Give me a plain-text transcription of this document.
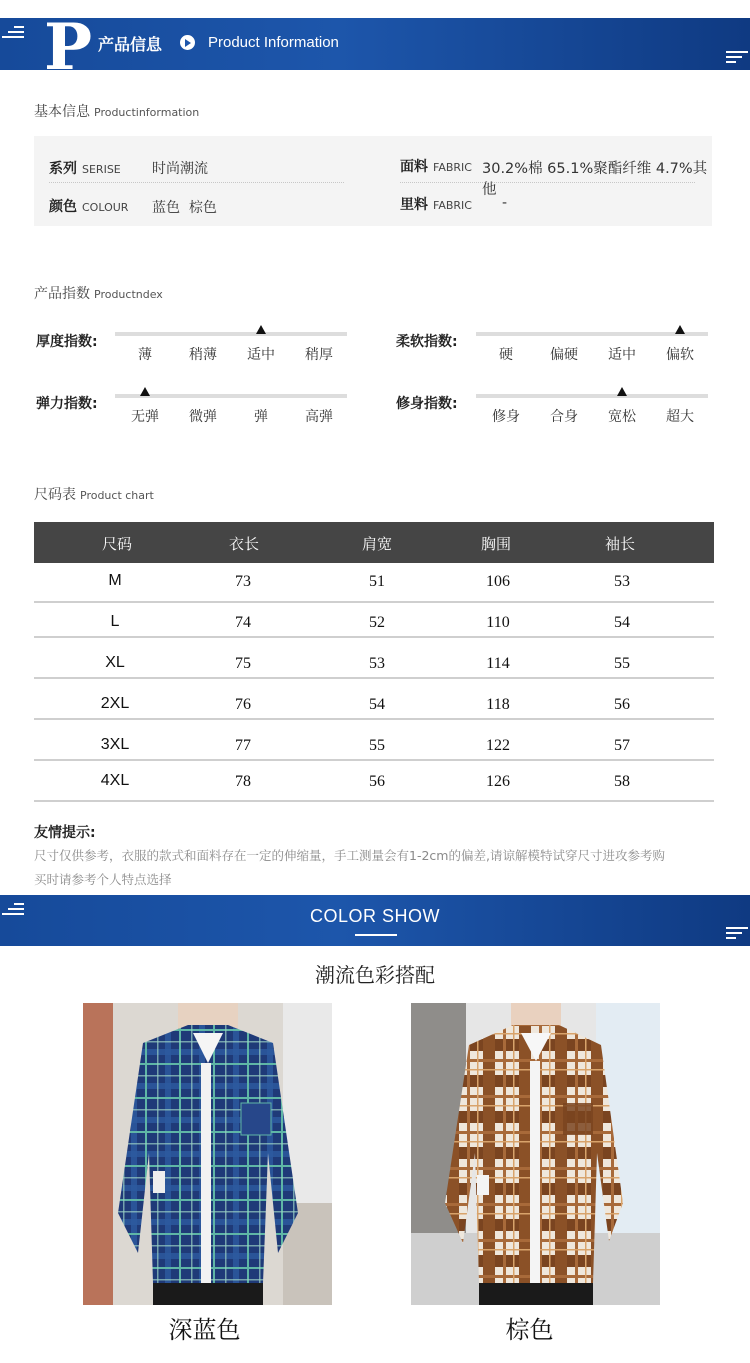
P 产品信息	Product Information
基本信息 Productinformation
系列 SERISE 时尚潮流
颜色 COLOUR 蓝色  棕色
面料 FABRIC 30.2%棉 65.1%聚酯纤维 4.7%其他
里料 FABRIC -
产品指数 Productndex
厚度指数:
薄	稍薄	适中	稍厚
柔软指数:
硬	偏硬	适中	偏软
弹力指数:
无弹	微弹	弹	高弹
修身指数:
修身	合身	宽松	超大
尺码表 Product chart
尺码	衣长	肩宽	胸围	袖长
M	73	51	106	53
L	74	52	110	54
XL	75	53	114	55
2XL	76	54	118	56
3XL	77	55	122	57
4XL	78	56	126	58
友情提示:
尺寸仅供参考，衣服的款式和面料存在一定的伸缩量，手工测量会有1-2cm的偏差,请谅解模特试穿尺寸进攻参考购
买时请参考个人特点选择
COLOR SHOW
潮流色彩搭配
深蓝色	棕色
